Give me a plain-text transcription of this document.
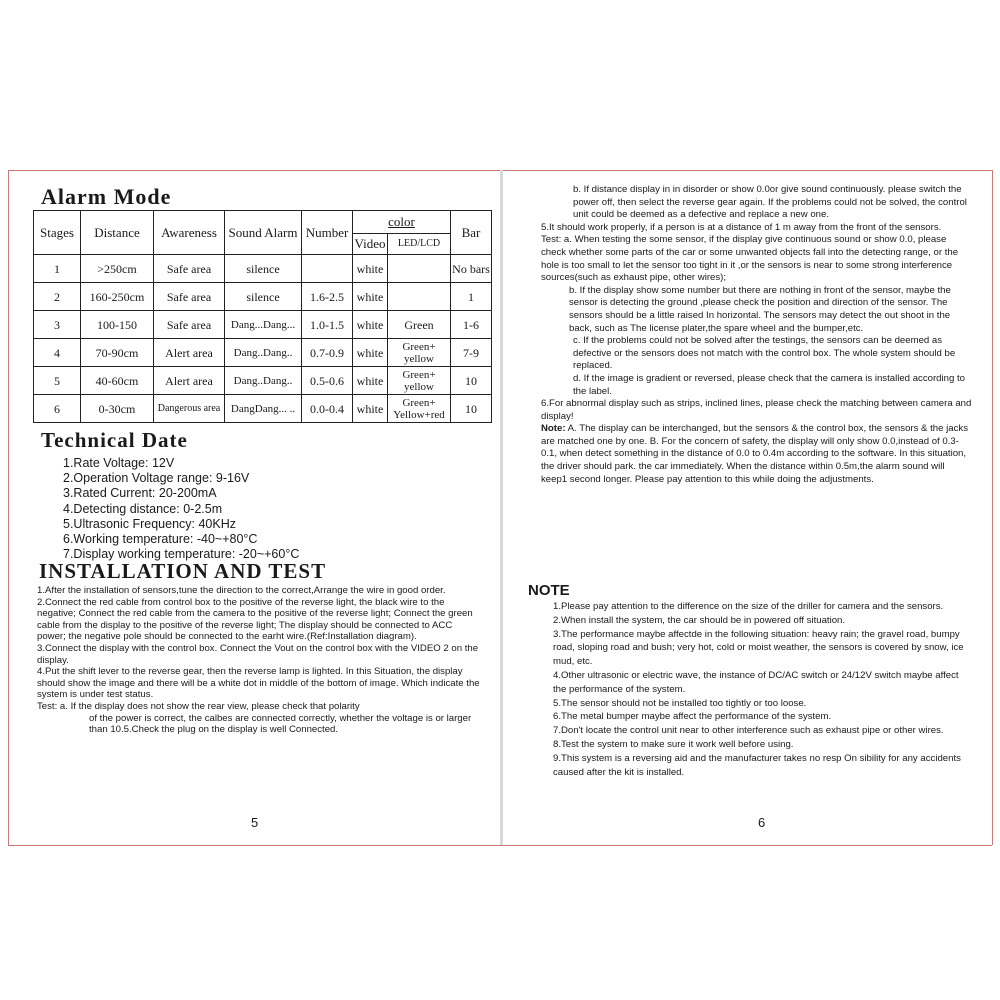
Alarm Mode
Stages	Distance	Awareness	Sound Alarm	Number	color		Bar
					Video	LED/LCD	
1	>250cm	Safe area	silence		white		No bars
2	160-250cm	Safe area	silence	1.6-2.5	white		1
3	100-150	Safe area	Dang...Dang...	1.0-1.5	white	Green	1-6
4	70-90cm	Alert area	Dang..Dang..	0.7-0.9	white	Green+ yellow	7-9
5	40-60cm	Alert area	Dang..Dang..	0.5-0.6	white	Green+ yellow	10
6	0-30cm	Dangerous area	DangDang... ..	0.0-0.4	white	Green+ Yellow+red	10
Technical Date
1.Rate Voltage: 12V
2.Operation Voltage range: 9-16V
3.Rated Current: 20-200mA
4.Detecting distance: 0-2.5m
5.Ultrasonic Frequency: 40KHz
6.Working temperature: -40~+80°C
7.Display working temperature: -20~+60°C
INSTALLATION AND TEST

1.After the installation of sensors,tune the direction to the correct,Arrange the wire in good order.

2.Connect the red cable from control box to the positive of the reverse light, the black wire to the negative; Connect the red cable from the camera to the positive of the reverse light; Connect the green cable from the display to the positive of the reverse light; The display should be connected to ACC power; the negative pole should be connected to the earht wire.(Ref:Installation diagram).

3.Connect the display with the control box. Connect the Vout on the control box with the VIDEO 2 on the display.

4.Put the shift lever to the reverse gear, then the reverse lamp is lighted. In this Situation, the display should show the image and there will be a white dot in middle of the bottom of image. Which indicate the system is under test status.

Test: a. If the display does not show the rear view, please check that polarity

of the power is correct, the calbes are connected correctly, whether the voltage is or larger than 10.5.Check the plug on the display is well Connected.

5

b. If distance display in in disorder or show 0.0or give sound continuously. please switch the power off, then select the reverse gear again. If the problems could not be solved, the control unit could be deemed as a defective and replace a new one.

5.It should work properly, if a person is at a distance of 1 m away from the front of the sensors.

Test: a. When testing the some sensor, if the display give continuous sound or show 0.0, please check whether some parts of the car or some unwanted objects fall into the detecting range, or the hole is too small to let the sensor too tight in it ,or the sensors is near to some strong interference sources(such as exhaust pipe, other wires);

b. If the display show some number but there are nothing in front of the sensor, maybe the sensor is detecting the ground ,please check the position and direction of the sensor. The sensors should be a little raised In horizontal. The sensors may detect the out shoot in the back, such as The license plater,the spare wheel and the bumper,etc.

c. If the problems could not be solved after the testings, the sensors can be deemed as defective or the sensors does not match with the control box. The whole system should be replaced.

d. If the image is gradient or reversed, please check that the camera is installed according to the label.

6.For abnormal display such as strips, inclined lines, please check the matching between camera and display!

Note: A. The display can be interchanged, but the sensors & the control box, the sensors & the jacks are matched one by one. B. For the concern of safety, the display will only show 0.0,instead of 0.3-0.1, when detect something in the distance of 0.0 to 0.4m according to the software. In this situation, the driver should park. the car immediately. When the distance within 0.5m,the alarm sound will keep1 second longer. Please pay attention to this while doing the adjustments.

NOTE

1.Please pay attention to the difference on the size of the driller for camera and the sensors.

2.When install the system, the car should be in powered off situation.

3.The performance maybe affectde in the following situation: heavy rain; the gravel road, bumpy road, sloping road and bush; very hot, cold or moist weather, the sensors is covered by snow, ice mud, etc.

4.Other ultrasonic or electric wave, the instance of DC/AC switch or 24/12V switch maybe affect the performance of the system.

5.The sensor should not be installed too tightly or too loose.

6.The metal bumper maybe affect the performance of the system.

7.Don't locate the control unit near to other interference such as exhaust pipe or other wires.

8.Test the system to make sure it work well before using.

9.This system is a reversing aid and the manufacturer takes no resp On sibility for any accidents caused after the kit is installed.

6
